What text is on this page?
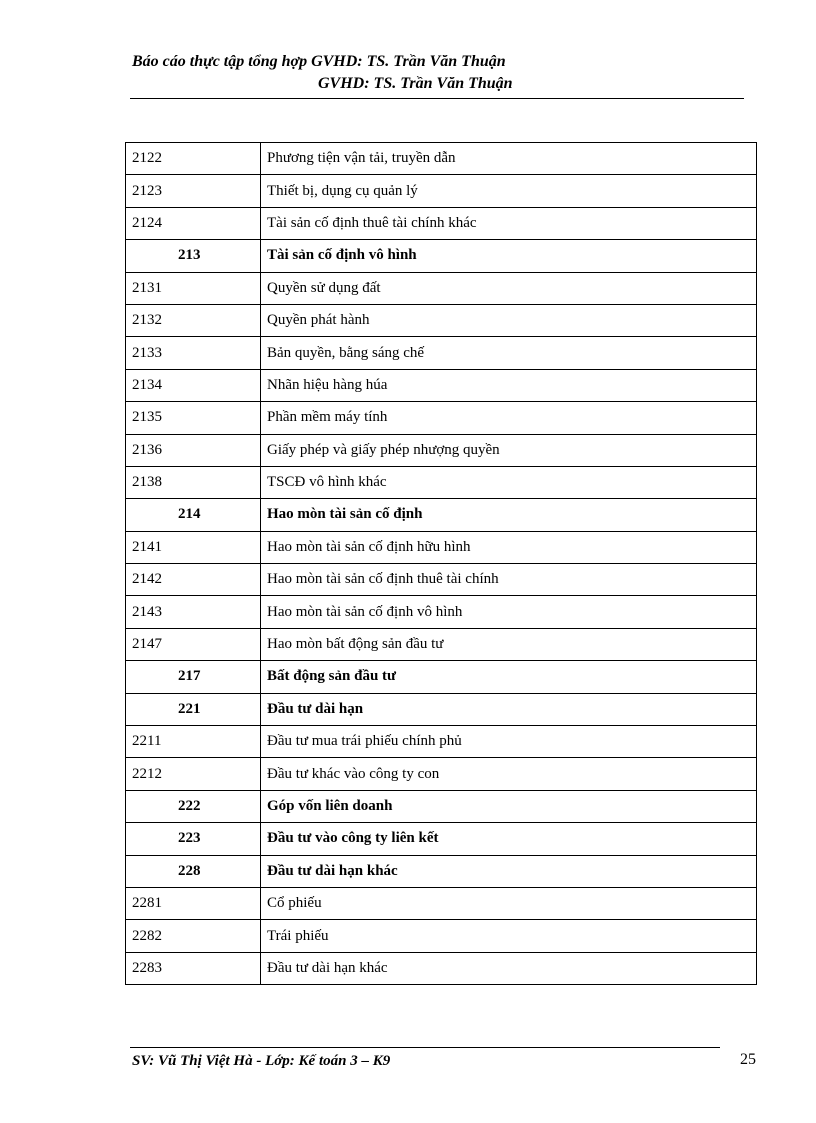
Báo cáo thực tập tổng hợp GVHD: TS. Trần Văn Thuận
GVHD: TS. Trần Văn Thuận
2122	Phương tiện vận tải, truyền dẫn
2123	Thiết bị, dụng cụ quản lý
2124	Tài sản cố định thuê tài chính khác
213	Tài sản cố định vô hình
2131	Quyền sử dụng đất
2132	Quyền phát hành
2133	Bản quyền, bằng sáng chế
2134	Nhãn hiệu hàng húa
2135	Phần mềm máy tính
2136	Giấy phép và giấy phép nhượng quyền
2138	TSCĐ vô hình khác
214	Hao mòn tài sản cố định
2141	Hao mòn tài sản cố định hữu hình
2142	Hao mòn tài sản cố định thuê tài chính
2143	Hao mòn tài sản cố định vô hình
2147	Hao mòn bất động sản đầu tư
217	Bất động sản đầu tư
221	Đầu tư dài hạn
2211	Đầu tư mua trái phiếu chính phủ
2212	Đầu tư khác vào công ty con
222	Góp vốn liên doanh
223	Đầu tư vào công ty liên kết
228	Đầu tư dài hạn khác
2281	Cổ phiếu
2282	Trái phiếu
2283	Đầu tư dài hạn khác
SV: Vũ Thị Việt Hà - Lớp: Kế toán 3 – K9	25
